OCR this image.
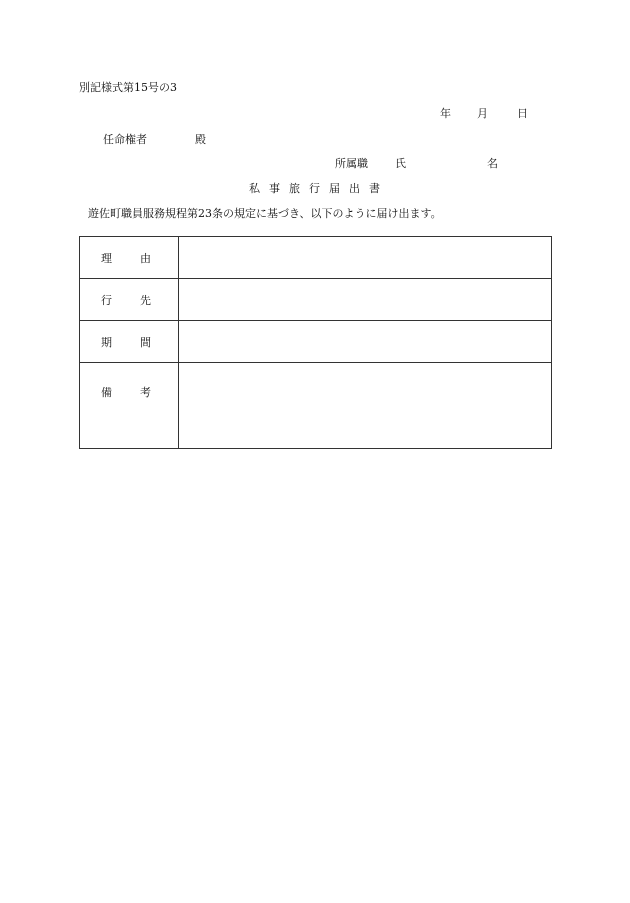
別記様式第15号の3
年 月	日
任命権者	殿
所属職 氏	名
私事旅行届出書
遊佐町職員服務規程第23条の規定に基づき、以下のように届け出ます。
理 由	

行 先	

期 間	

備 考	
